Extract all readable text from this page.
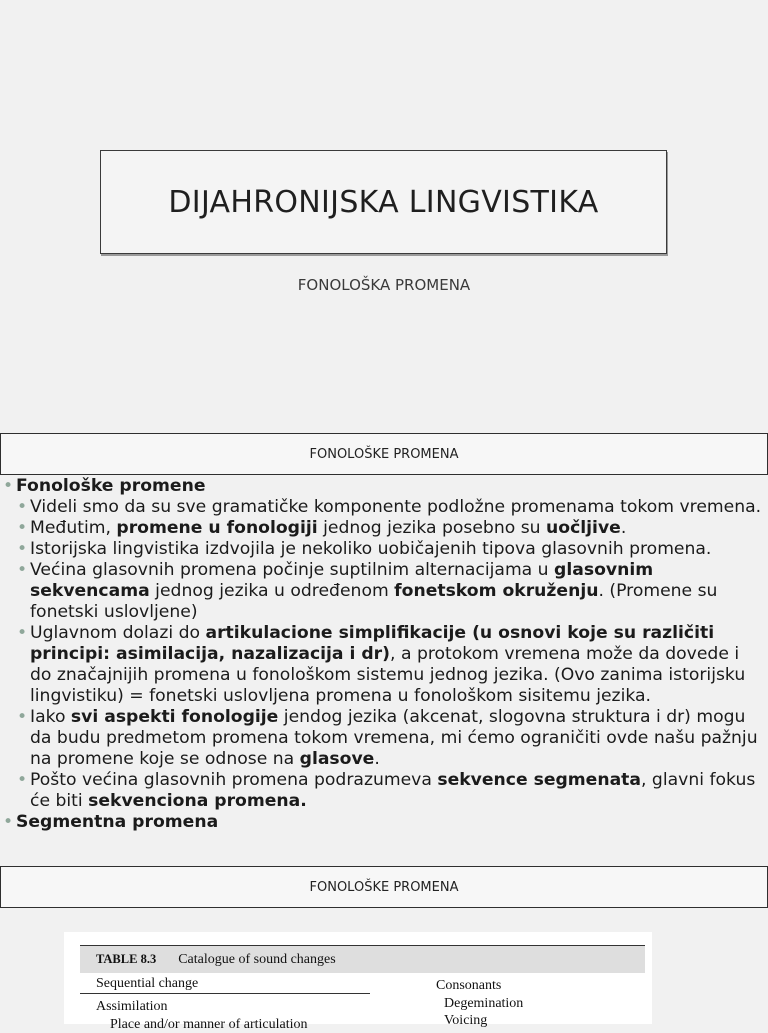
DIJAHRONIJSKA LINGVISTIKA
FONOLOŠKA PROMENA
FONOLOŠKE PROMENA
• Fonološke promene
• Videli smo da su sve gramatičke komponente podložne promenama tokom vremena.
• Međutim, promene u fonologiji jednog jezika posebno su uočljive.
• Istorijska lingvistika izdvojila je nekoliko uobičajenih tipova glasovnih promena.
• Većina glasovnih promena počinje suptilnim alternacijama u glasovnim sekvencama jednog jezika u određenom fonetskom okruženju. (Promene su fonetski uslovljene)
• Uglavnom dolazi do artikulacione simplifikacije (u osnovi koje su različiti principi: asimilacija, nazalizacija i dr), a protokom vremena može da dovede i do značajnijih promena u fonološkom sistemu jednog jezika. (Ovo zanima istorijsku lingvistiku) = fonetski uslovljena promena u fonološkom sisitemu jezika.
• Iako svi aspekti fonologije jendog jezika (akcenat, slogovna struktura i dr) mogu da budu predmetom promena tokom vremena, mi ćemo ograničiti ovde našu pažnju na promene koje se odnose na glasove.
• Pošto većina glasovnih promena podrazumeva sekvence segmenata, glavni fokus će biti sekvenciona promena.
• Segmentna promena
FONOLOŠKE PROMENA
TABLE 8.3 Catalogue of sound changes
Sequential change
Assimilation
Place and/or manner of articulation
Consonants
Degemination
Voicing
